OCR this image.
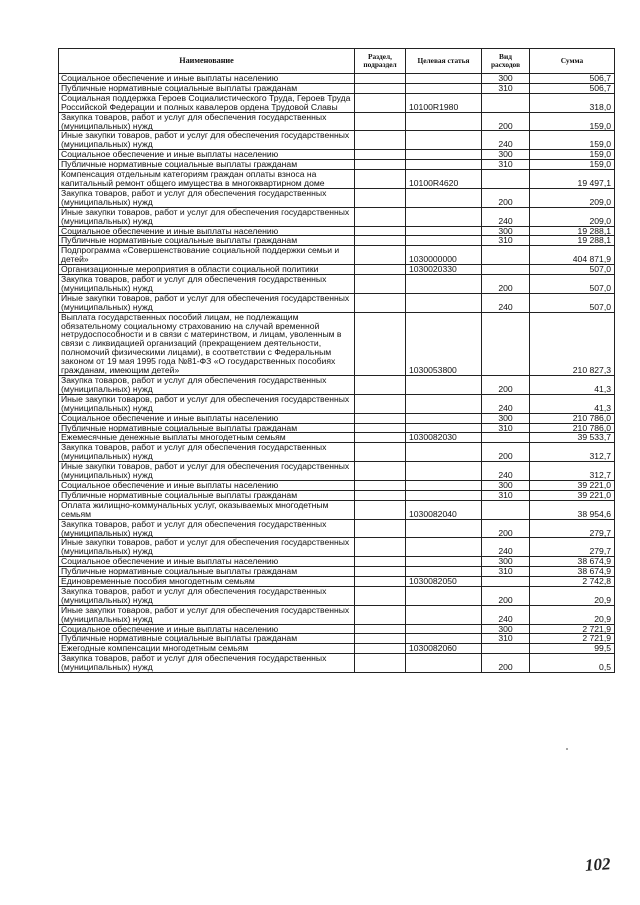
Наименование	Раздел, подраздел	Целевая статья	Вид расходов	Сумма
Социальное обеспечение и иные выплаты населению			300	506,7
Публичные нормативные социальные выплаты гражданам			310	506,7
Социальная поддержка Героев Социалистического Труда, Героев Труда Российской Федерации и полных кавалеров ордена Трудовой Славы		10100R1980		318,0
Закупка товаров, работ и услуг для обеспечения государственных (муниципальных) нужд			200	159,0
Иные закупки товаров, работ и услуг для обеспечения государственных (муниципальных) нужд			240	159,0
Социальное обеспечение и иные выплаты населению			300	159,0
Публичные нормативные социальные выплаты гражданам			310	159,0
Компенсация отдельным категориям граждан оплаты взноса на капитальный ремонт общего имущества в многоквартирном доме		10100R4620		19 497,1
Закупка товаров, работ и услуг для обеспечения государственных (муниципальных) нужд			200	209,0
Иные закупки товаров, работ и услуг для обеспечения государственных (муниципальных) нужд			240	209,0
Социальное обеспечение и иные выплаты населению			300	19 288,1
Публичные нормативные социальные выплаты гражданам			310	19 288,1
Подпрограмма «Совершенствование социальной поддержки семьи и детей»		1030000000		404 871,9
Организационные мероприятия в области социальной политики		1030020330		507,0
Закупка товаров, работ и услуг для обеспечения государственных (муниципальных) нужд			200	507,0
Иные закупки товаров, работ и услуг для обеспечения государственных (муниципальных) нужд			240	507,0
Выплата государственных пособий лицам, не подлежащим обязательному социальному страхованию на случай временной нетрудоспособности и в связи с материнством, и лицам, уволенным в связи с ликвидацией организаций (прекращением деятельности, полномочий физическими лицами), в соответствии с Федеральным законом от 19 мая 1995 года №81-ФЗ «О государственных пособиях гражданам, имеющим детей»		1030053800		210 827,3
Закупка товаров, работ и услуг для обеспечения государственных (муниципальных) нужд			200	41,3
Иные закупки товаров, работ и услуг для обеспечения государственных (муниципальных) нужд			240	41,3
Социальное обеспечение и иные выплаты населению			300	210 786,0
Публичные нормативные социальные выплаты гражданам			310	210 786,0
Ежемесячные денежные выплаты многодетным семьям		1030082030		39 533,7
Закупка товаров, работ и услуг для обеспечения государственных (муниципальных) нужд			200	312,7
Иные закупки товаров, работ и услуг для обеспечения государственных (муниципальных) нужд			240	312,7
Социальное обеспечение и иные выплаты населению			300	39 221,0
Публичные нормативные социальные выплаты гражданам			310	39 221,0
Оплата жилищно-коммунальных услуг, оказываемых многодетным семьям		1030082040		38 954,6
Закупка товаров, работ и услуг для обеспечения государственных (муниципальных) нужд			200	279,7
Иные закупки товаров, работ и услуг для обеспечения государственных (муниципальных) нужд			240	279,7
Социальное обеспечение и иные выплаты населению			300	38 674,9
Публичные нормативные социальные выплаты гражданам			310	38 674,9
Единовременные пособия многодетным семьям		1030082050		2 742,8
Закупка товаров, работ и услуг для обеспечения государственных (муниципальных) нужд			200	20,9
Иные закупки товаров, работ и услуг для обеспечения государственных (муниципальных) нужд			240	20,9
Социальное обеспечение и иные выплаты населению			300	2 721,9
Публичные нормативные социальные выплаты гражданам			310	2 721,9
Ежегодные компенсации многодетным семьям		1030082060		99,5
Закупка товаров, работ и услуг для обеспечения государственных (муниципальных) нужд			200	0,5
102
